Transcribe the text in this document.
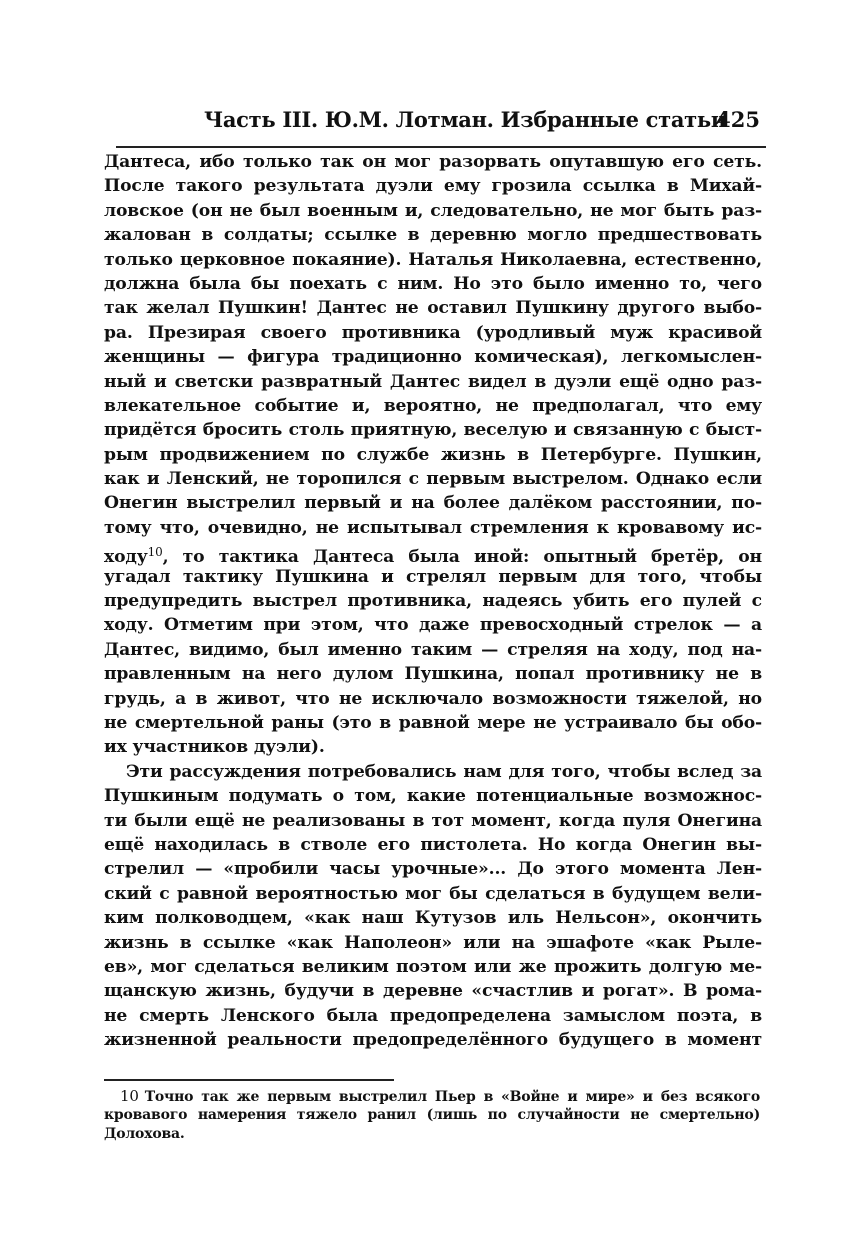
Часть III. Ю.М. Лотман. Избранные статьи
425
Дантеса, ибо только так он мог разорвать опутавшую его сеть.
После такого результата дуэли ему грозила ссылка в Михай-
ловское (он не был военным и, следовательно, не мог быть раз-
жалован в солдаты; ссылке в деревню могло предшествовать
только церковное покаяние). Наталья Николаевна, естественно,
должна была бы поехать с ним. Но это было именно то, чего
так желал Пушкин! Дантес не оставил Пушкину другого выбо-
ра. Презирая своего противника (уродливый муж красивой
женщины — фигура традиционно комическая), легкомыслен-
ный и светски развратный Дантес видел в дуэли ещё одно раз-
влекательное событие и, вероятно, не предполагал, что ему
придётся бросить столь приятную, веселую и связанную с быст-
рым продвижением по службе жизнь в Петербурге. Пушкин,
как и Ленский, не торопился с первым выстрелом. Однако если
Онегин выстрелил первый и на более далёком расстоянии, по-
тому что, очевидно, не испытывал стремления к кровавому ис-
ходу$^{10}$, то тактика Дантеса была иной: опытный бретёр, он
угадал тактику Пушкина и стрелял первым для того, чтобы
предупредить выстрел противника, надеясь убить его пулей с
ходу. Отметим при этом, что даже превосходный стрелок — а
Дантес, видимо, был именно таким — стреляя на ходу, под на-
правленным на него дулом Пушкина, попал противнику не в
грудь, а в живот, что не исключало возможности тяжелой, но
не смертельной раны (это в равной мере не устраивало бы обо-
их участников дуэли).
Эти рассуждения потребовались нам для того, чтобы вслед за
Пушкиным подумать о том, какие потенциальные возможнос-
ти были ещё не реализованы в тот момент, когда пуля Онегина
ещё находилась в стволе его пистолета. Но когда Онегин вы-
стрелил — «пробили часы урочные»... До этого момента Лен-
ский с равной вероятностью мог бы сделаться в будущем вели-
ким полководцем, «как наш Кутузов иль Нельсон», окончить
жизнь в ссылке «как Наполеон» или на эшафоте «как Рыле-
ев», мог сделаться великим поэтом или же прожить долгую ме-
щанскую жизнь, будучи в деревне «счастлив и рогат». В рома-
не смерть Ленского была предопределена замыслом поэта, в
жизненной реальности предопределённого будущего в момент
10 Точно так же первым выстрелил Пьер в «Войне и мире» и без всякого
кровавого намерения тяжело ранил (лишь по случайности не смертельно)
Долохова.
